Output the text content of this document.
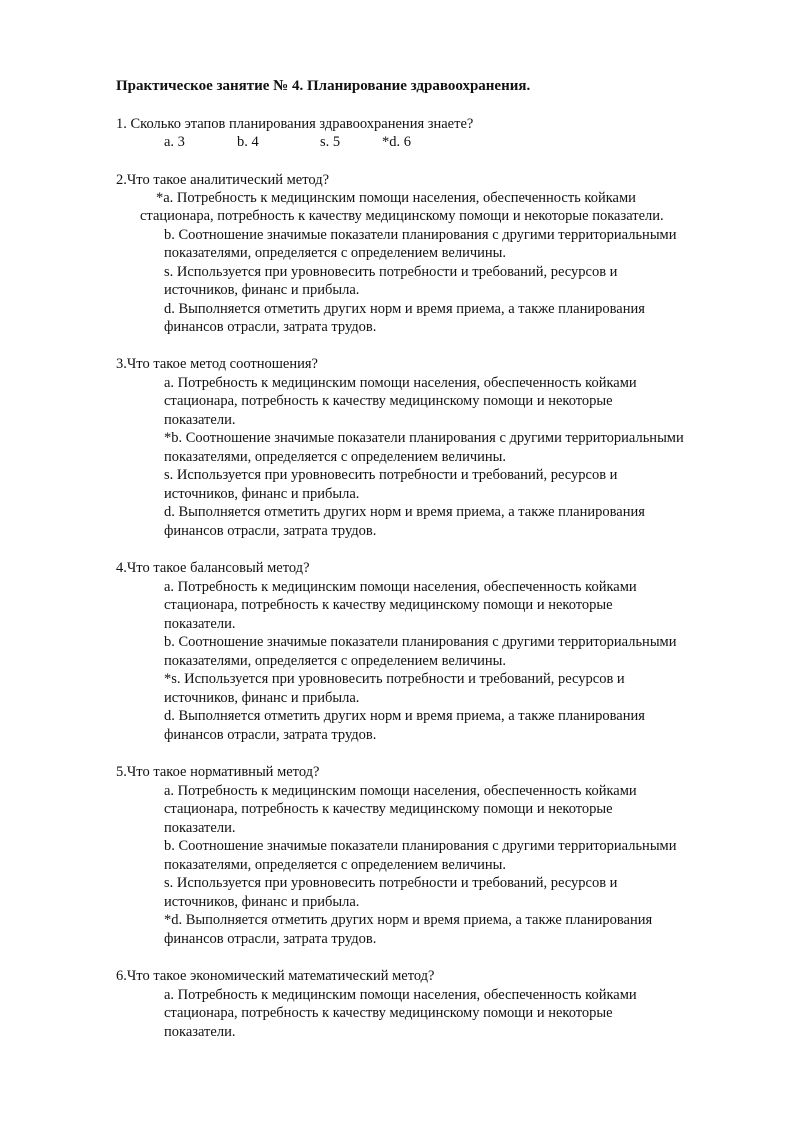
Практическое занятие № 4. Планирование здравоохранения.
1. Сколько этапов планирования здравоохранения знаете?
a. 3	b. 4	s. 5	*d. 6
2.Что такое аналитический метод?
*a. Потребность к медицинским помощи населения, обеспеченность койками
стационара, потребность к качеству медицинскому помощи и некоторые показатели.
b. Соотношение значимые показатели планирования с другими территориальными
показателями, определяется с определением величины.
s. Используется при уровновесить потребности и требований, ресурсов и
источников, финанс и прибыла.
d. Выполняется отметить других норм и время приема, а также планирования
финансов отрасли, затрата трудов.
3.Что такое метод соотношения?
a. Потребность к медицинским помощи населения, обеспеченность койками
стационара, потребность к качеству медицинскому помощи и некоторые
показатели.
*b. Соотношение значимые показатели планирования с другими территориальными
показателями, определяется с определением величины.
s. Используется при уровновесить потребности и требований, ресурсов и
источников, финанс и прибыла.
d. Выполняется отметить других норм и время приема, а также планирования
финансов отрасли, затрата трудов.
4.Что такое балансовый метод?
a. Потребность к медицинским помощи населения, обеспеченность койками
стационара, потребность к качеству медицинскому помощи и некоторые
показатели.
b. Соотношение значимые показатели планирования с другими территориальными
показателями, определяется с определением величины.
*s. Используется при уровновесить потребности и требований, ресурсов и
источников, финанс и прибыла.
d. Выполняется отметить других норм и время приема, а также планирования
финансов отрасли, затрата трудов.
5.Что такое нормативный метод?
a. Потребность к медицинским помощи населения, обеспеченность койками
стационара, потребность к качеству медицинскому помощи и некоторые
показатели.
b. Соотношение значимые показатели планирования с другими территориальными
показателями, определяется с определением величины.
s. Используется при уровновесить потребности и требований, ресурсов и
источников, финанс и прибыла.
*d. Выполняется отметить других норм и время приема, а также планирования
финансов отрасли, затрата трудов.
6.Что такое экономический математический метод?
a. Потребность к медицинским помощи населения, обеспеченность койками
стационара, потребность к качеству медицинскому помощи и некоторые
показатели.
